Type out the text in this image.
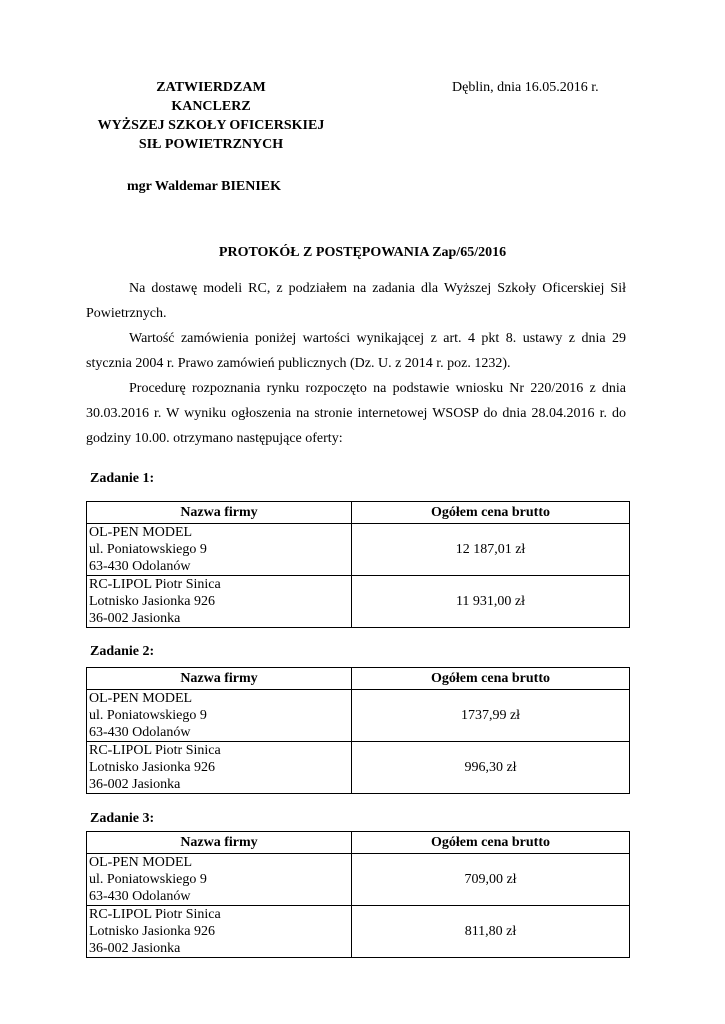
ZATWIERDZAM
KANCLERZ
WYŻSZEJ SZKOŁY OFICERSKIEJ
SIŁ POWIETRZNYCH
Dęblin, dnia 16.05.2016 r.
mgr Waldemar BIENIEK
PROTOKÓŁ Z POSTĘPOWANIA Zap/65/2016

Na dostawę modeli RC, z podziałem na zadania dla Wyższej Szkoły Oficerskiej Sił Powietrznych.

Wartość zamówienia poniżej wartości wynikającej z art. 4 pkt 8. ustawy z dnia 29 stycznia 2004 r. Prawo zamówień publicznych (Dz. U. z 2014 r. poz. 1232).

Procedurę rozpoznania rynku rozpoczęto na podstawie wniosku Nr 220/2016 z dnia 30.03.2016 r. W wyniku ogłoszenia na stronie internetowej WSOSP do dnia 28.04.2016 r. do godziny 10.00. otrzymano następujące oferty:

Zadanie 1:
Nazwa firmy	Ogółem cena brutto

OL-PEN MODEL
ul. Poniatowskiego 9
63-430 Odolanów	12 187,01 zł

RC-LIPOL Piotr Sinica
Lotnisko Jasionka 926
36-002 Jasionka	11 931,00 zł
Zadanie 2:
Nazwa firmy	Ogółem cena brutto

OL-PEN MODEL
ul. Poniatowskiego 9
63-430 Odolanów	1737,99 zł

RC-LIPOL Piotr Sinica
Lotnisko Jasionka 926
36-002 Jasionka	996,30 zł
Zadanie 3:
Nazwa firmy	Ogółem cena brutto

OL-PEN MODEL
ul. Poniatowskiego 9
63-430 Odolanów	709,00 zł

RC-LIPOL Piotr Sinica
Lotnisko Jasionka 926
36-002 Jasionka	811,80 zł
